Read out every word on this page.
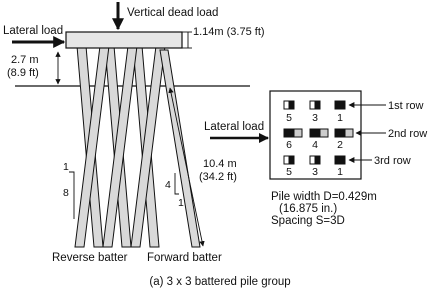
Vertical dead load
Lateral load	1.14m (3.75 ft)
2.7 m
(8.9 ft)
10.4 m
(34.2 ft)
1
8
4
1
Reverse batter Forward batter
Lateral load
5 3 1
6 4 2
5 3 1
1st row
2nd row
3rd row
Pile width D=0.429m
(16.875 in.)
Spacing S=3D
(a) 3 x 3 battered pile group
